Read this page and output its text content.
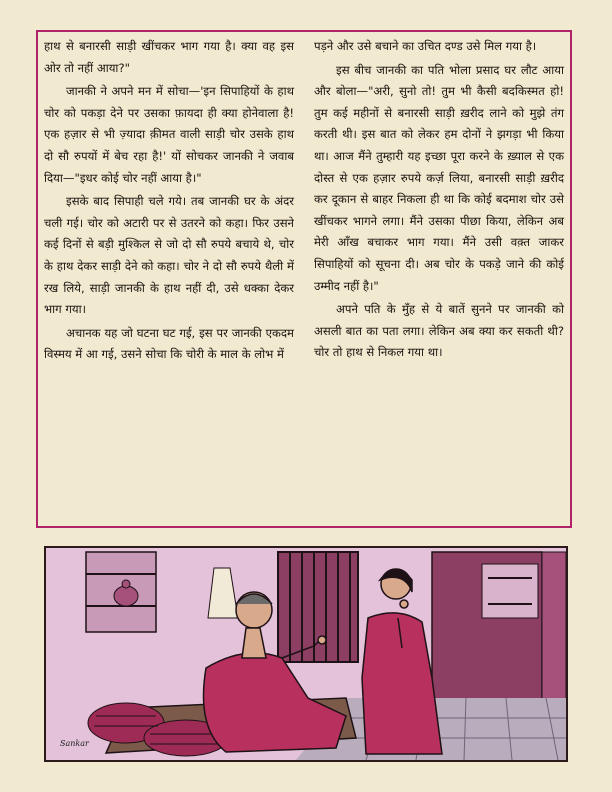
हाथ से बनारसी साड़ी खींचकर भाग गया है। क्या वह इस ओर तो नहीं आया?"

जानकी ने अपने मन में सोचा—'इन सिपाहियों के हाथ चोर को पकड़ा देने पर उसका फ़ायदा ही क्या होनेवाला है! एक हज़ार से भी ज़्यादा क़ीमत वाली साड़ी चोर उसके हाथ दो सौ रुपयों में बेच रहा है!' यों सोचकर जानकी ने जवाब दिया—"इधर कोई चोर नहीं आया है।"

इसके बाद सिपाही चले गये। तब जानकी घर के अंदर चली गई। चोर को अटारी पर से उतरने को कहा। फिर उसने कई दिनों से बड़ी मुश्किल से जो दो सौ रुपये बचाये थे, चोर के हाथ देकर साड़ी देने को कहा। चोर ने दो सौ रुपये थैली में रख लिये, साड़ी जानकी के हाथ नहीं दी, उसे धक्का देकर भाग गया।

अचानक यह जो घटना घट गई, इस पर जानकी एकदम विस्मय में आ गई, उसने सोचा कि चोरी के माल के लोभ में

पड़ने और उसे बचाने का उचित दण्ड उसे मिल गया है।

इस बीच जानकी का पति भोला प्रसाद घर लौट आया और बोला—"अरी, सुनो तो! तुम भी कैसी बदकिस्मत हो! तुम कई महीनों से बनारसी साड़ी ख़रीद लाने को मुझे तंग करती थी। इस बात को लेकर हम दोनों ने झगड़ा भी किया था। आज मैंने तुम्हारी यह इच्छा पूरा करने के ख़्याल से एक दोस्त से एक हज़ार रुपये कर्ज़ लिया, बनारसी साड़ी ख़रीद कर दूकान से बाहर निकला ही था कि कोई बदमाश चोर उसे खींचकर भागने लगा। मैंने उसका पीछा किया, लेकिन अब मेरी आँख बचाकर भाग गया। मैंने उसी वक़्त जाकर सिपाहियों को सूचना दी। अब चोर के पकड़े जाने की कोई उम्मीद नहीं है।"

अपने पति के मुँह से ये बातें सुनने पर जानकी को असली बात का पता लगा। लेकिन अब क्या कर सकती थी? चोर तो हाथ से निकल गया था।

Sankar
